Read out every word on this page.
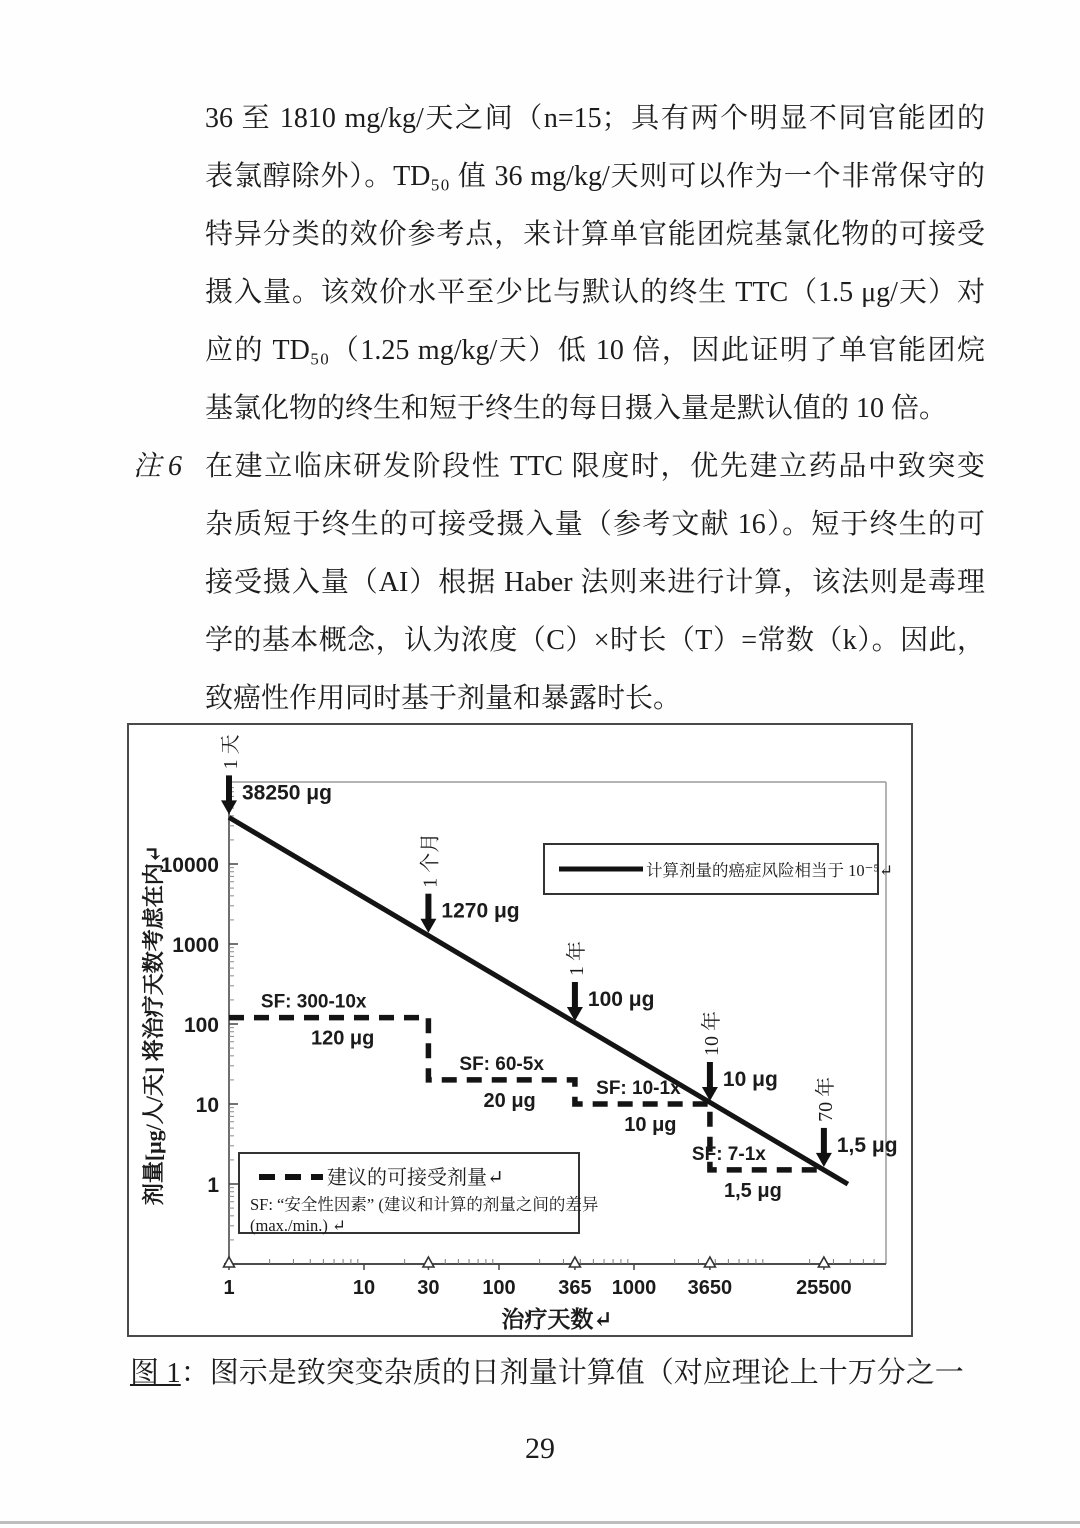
36 至 1810 mg/kg/天之间（n=15；具有两个明显不同官能团的
表氯醇除外）。TD₅₀ 值 36 mg/kg/天则可以作为一个非常保守的
特异分类的效价参考点，来计算单官能团烷基氯化物的可接受
摄入量。该效价水平至少比与默认的终生 TTC（1.5 μg/天）对
应的 TD₅₀（1.25 mg/kg/天）低 10 倍，因此证明了单官能团烷
基氯化物的终生和短于终生的每日摄入量是默认值的 10 倍。
注 6 在建立临床研发阶段性 TTC 限度时，优先建立药品中致突变
杂质短于终生的可接受摄入量（参考文献 16）。短于终生的可
接受摄入量（AI）根据 Haber 法则来进行计算，该法则是毒理
学的基本概念，认为浓度（C）×时长（T）=常数（k）。因此，
致癌性作用同时基于剂量和暴露时长。
1
10
100
1000
10000
1	10 30 100 365 1000 3650	25500
治疗天数↵
剂量[μg/人/天] 将治疗天数考虑在内↵	SF: 300-10x
120 μg
SF: 60-5x
20 μg
SF: 10-1x
10 μg
SF: 7-1x
1,5 μg
1 天
38250 μg
1 个月
1270 μg
1 年
100 μg
10 年
10 μg 70 年
1,5 μg
计算剂量的癌症风险相当于 10⁻⁵↵
建议的可接受剂量↵
SF: “安全性因素” (建议和计算的剂量之间的差异
(max./min.) ↵
图 1：图示是致突变杂质的日剂量计算值（对应理论上十万分之一
29
